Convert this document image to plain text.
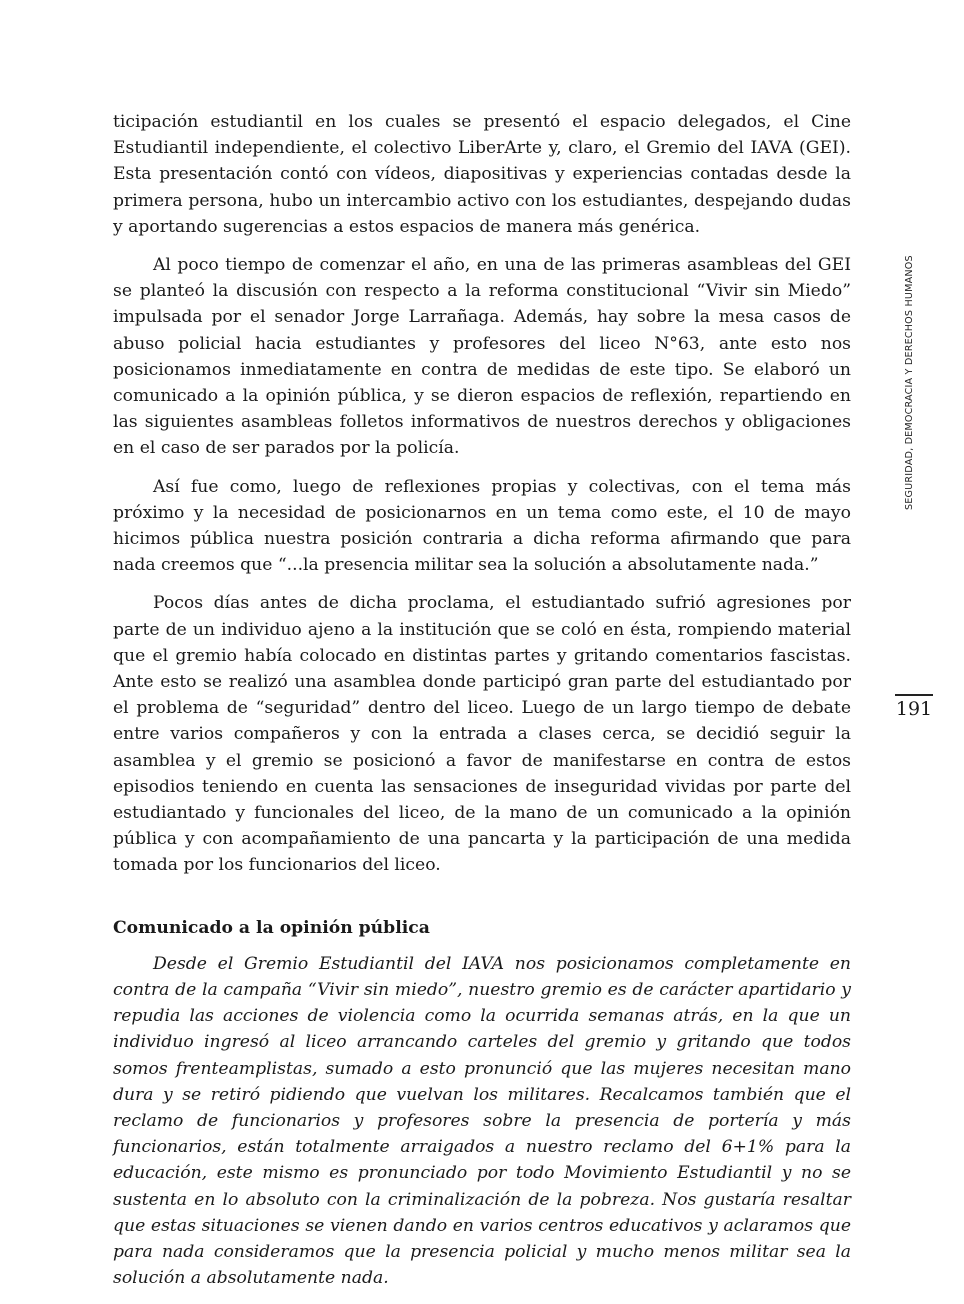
ticipación estudiantil en los cuales se presentó el espacio delegados, el Cine Estudiantil independiente, el colectivo LiberArte y, claro, el Gremio del IAVA (GEI). Esta presentación contó con vídeos, diapositivas y experiencias contadas desde la primera persona, hubo un intercambio activo con los estudiantes, despejando dudas y aportando sugerencias a estos espacios de manera más genérica.

Al poco tiempo de comenzar el año, en una de las primeras asambleas del GEI se planteó la discusión con respecto a la reforma constitucional “Vivir sin Miedo” impulsada por el senador Jorge Larrañaga. Además, hay sobre la mesa casos de abuso policial hacia estudiantes y profesores del liceo N°63, ante esto nos posicionamos inmediatamente en contra de medidas de este tipo. Se elaboró un comunicado a la opinión pública, y se dieron espacios de reflexión, repartiendo en las siguientes asambleas folletos informativos de nuestros derechos y obligaciones en el caso de ser parados por la policía.

Así fue como, luego de reflexiones propias y colectivas, con el tema más próximo y la necesidad de posicionarnos en un tema como este, el 10 de mayo hicimos pública nuestra posición contraria a dicha reforma afirmando que para nada creemos que “...la presencia militar sea la solución a absolutamente nada.”

Pocos días antes de dicha proclama, el estudiantado sufrió agresiones por parte de un individuo ajeno a la institución que se coló en ésta, rompiendo material que el gremio había colocado en distintas partes y gritando comentarios fascistas. Ante esto se realizó una asamblea donde participó gran parte del estudiantado por el problema de “seguridad” dentro del liceo. Luego de un largo tiempo de debate entre varios compañeros y con la entrada a clases cerca, se decidió seguir la asamblea y el gremio se posicionó a favor de manifestarse en contra de estos episodios teniendo en cuenta las sensaciones de inseguridad vividas por parte del estudiantado y funcionales del liceo, de la mano de un comunicado a la opinión pública y con acompañamiento de una pancarta y la participación de una medida tomada por los funcionarios del liceo.

Comunicado a la opinión pública

Desde el Gremio Estudiantil del IAVA nos posicionamos completamente en contra de la campaña “Vivir sin miedo”, nuestro gremio es de carácter apartidario y repudia las acciones de violencia como la ocurrida semanas atrás, en la que un individuo ingresó al liceo arrancando carteles del gremio y gritando que todos somos frenteamplistas, sumado a esto pronunció que las mujeres necesitan mano dura y se retiró pidiendo que vuelvan los militares. Recalcamos también que el reclamo de funcionarios y profesores sobre la presencia de portería y más funcionarios, están totalmente arraigados a nuestro reclamo del 6+1% para la educación, este mismo es pronunciado por todo Movimiento Estudiantil y no se sustenta en lo absoluto con la criminalización de la pobreza. Nos gustaría resaltar que estas situaciones se vienen dando en varios centros educativos y aclaramos que para nada consideramos que la presencia policial y mucho menos militar sea la solución a absolutamente nada.

SEGURIDAD, DEMOCRACIA Y DERECHOS HUMANOS
191
